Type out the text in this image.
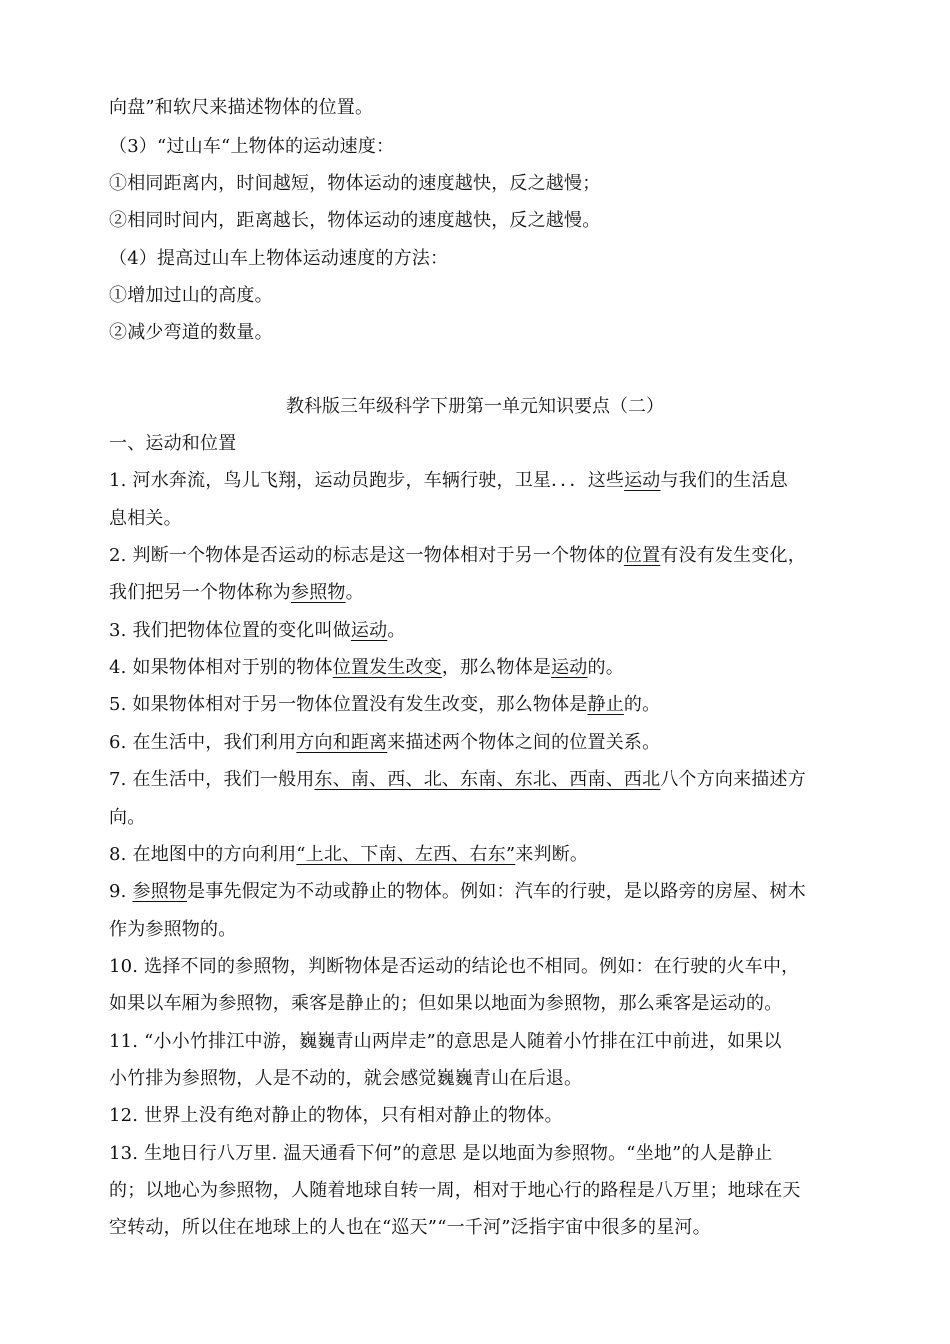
向盘”和软尺来描述物体的位置。
（3）“过山车“上物体的运动速度：
①相同距离内，时间越短，物体运动的速度越快，反之越慢；
②相同时间内，距离越长，物体运动的速度越快，反之越慢。
（4）提高过山车上物体运动速度的方法：
①增加过山的高度。
②减少弯道的数量。
教科版三年级科学下册第一单元知识要点（二）
一、运动和位置
1. 河水奔流，鸟儿飞翔，运动员跑步，车辆行驶，卫星．．．这些运动与我们的生活息
息相关。
2. 判断一个物体是否运动的标志是这一物体相对于另一个物体的位置有没有发生变化，
我们把另一个物体称为参照物。
3. 我们把物体位置的变化叫做运动。
4. 如果物体相对于别的物体位置发生改变，那么物体是运动的。
5. 如果物体相对于另一物体位置没有发生改变，那么物体是静止的。
6. 在生活中，我们利用方向和距离来描述两个物体之间的位置关系。
7. 在生活中，我们一般用东、南、西、北、东南、东北、西南、西北八个方向来描述方
向。
8. 在地图中的方向利用“上北、下南、左西、右东”来判断。
9. 参照物是事先假定为不动或静止的物体。例如：汽车的行驶，是以路旁的房屋、树木
作为参照物的。
10. 选择不同的参照物，判断物体是否运动的结论也不相同。例如：在行驶的火车中，
如果以车厢为参照物，乘客是静止的；但如果以地面为参照物，那么乘客是运动的。
11. “小小竹排江中游，巍巍青山两岸走”的意思是人随着小竹排在江中前进，如果以
小竹排为参照物，人是不动的，就会感觉巍巍青山在后退。
12. 世界上没有绝对静止的物体，只有相对静止的物体。
13. 生地日行八万里. 温天通看下何”的意思 是以地面为参照物。“坐地”的人是静止
的；以地心为参照物，人随着地球自转一周，相对于地心行的路程是八万里；地球在天
空转动，所以住在地球上的人也在“巡天”“一千河”泛指宇宙中很多的星河。
